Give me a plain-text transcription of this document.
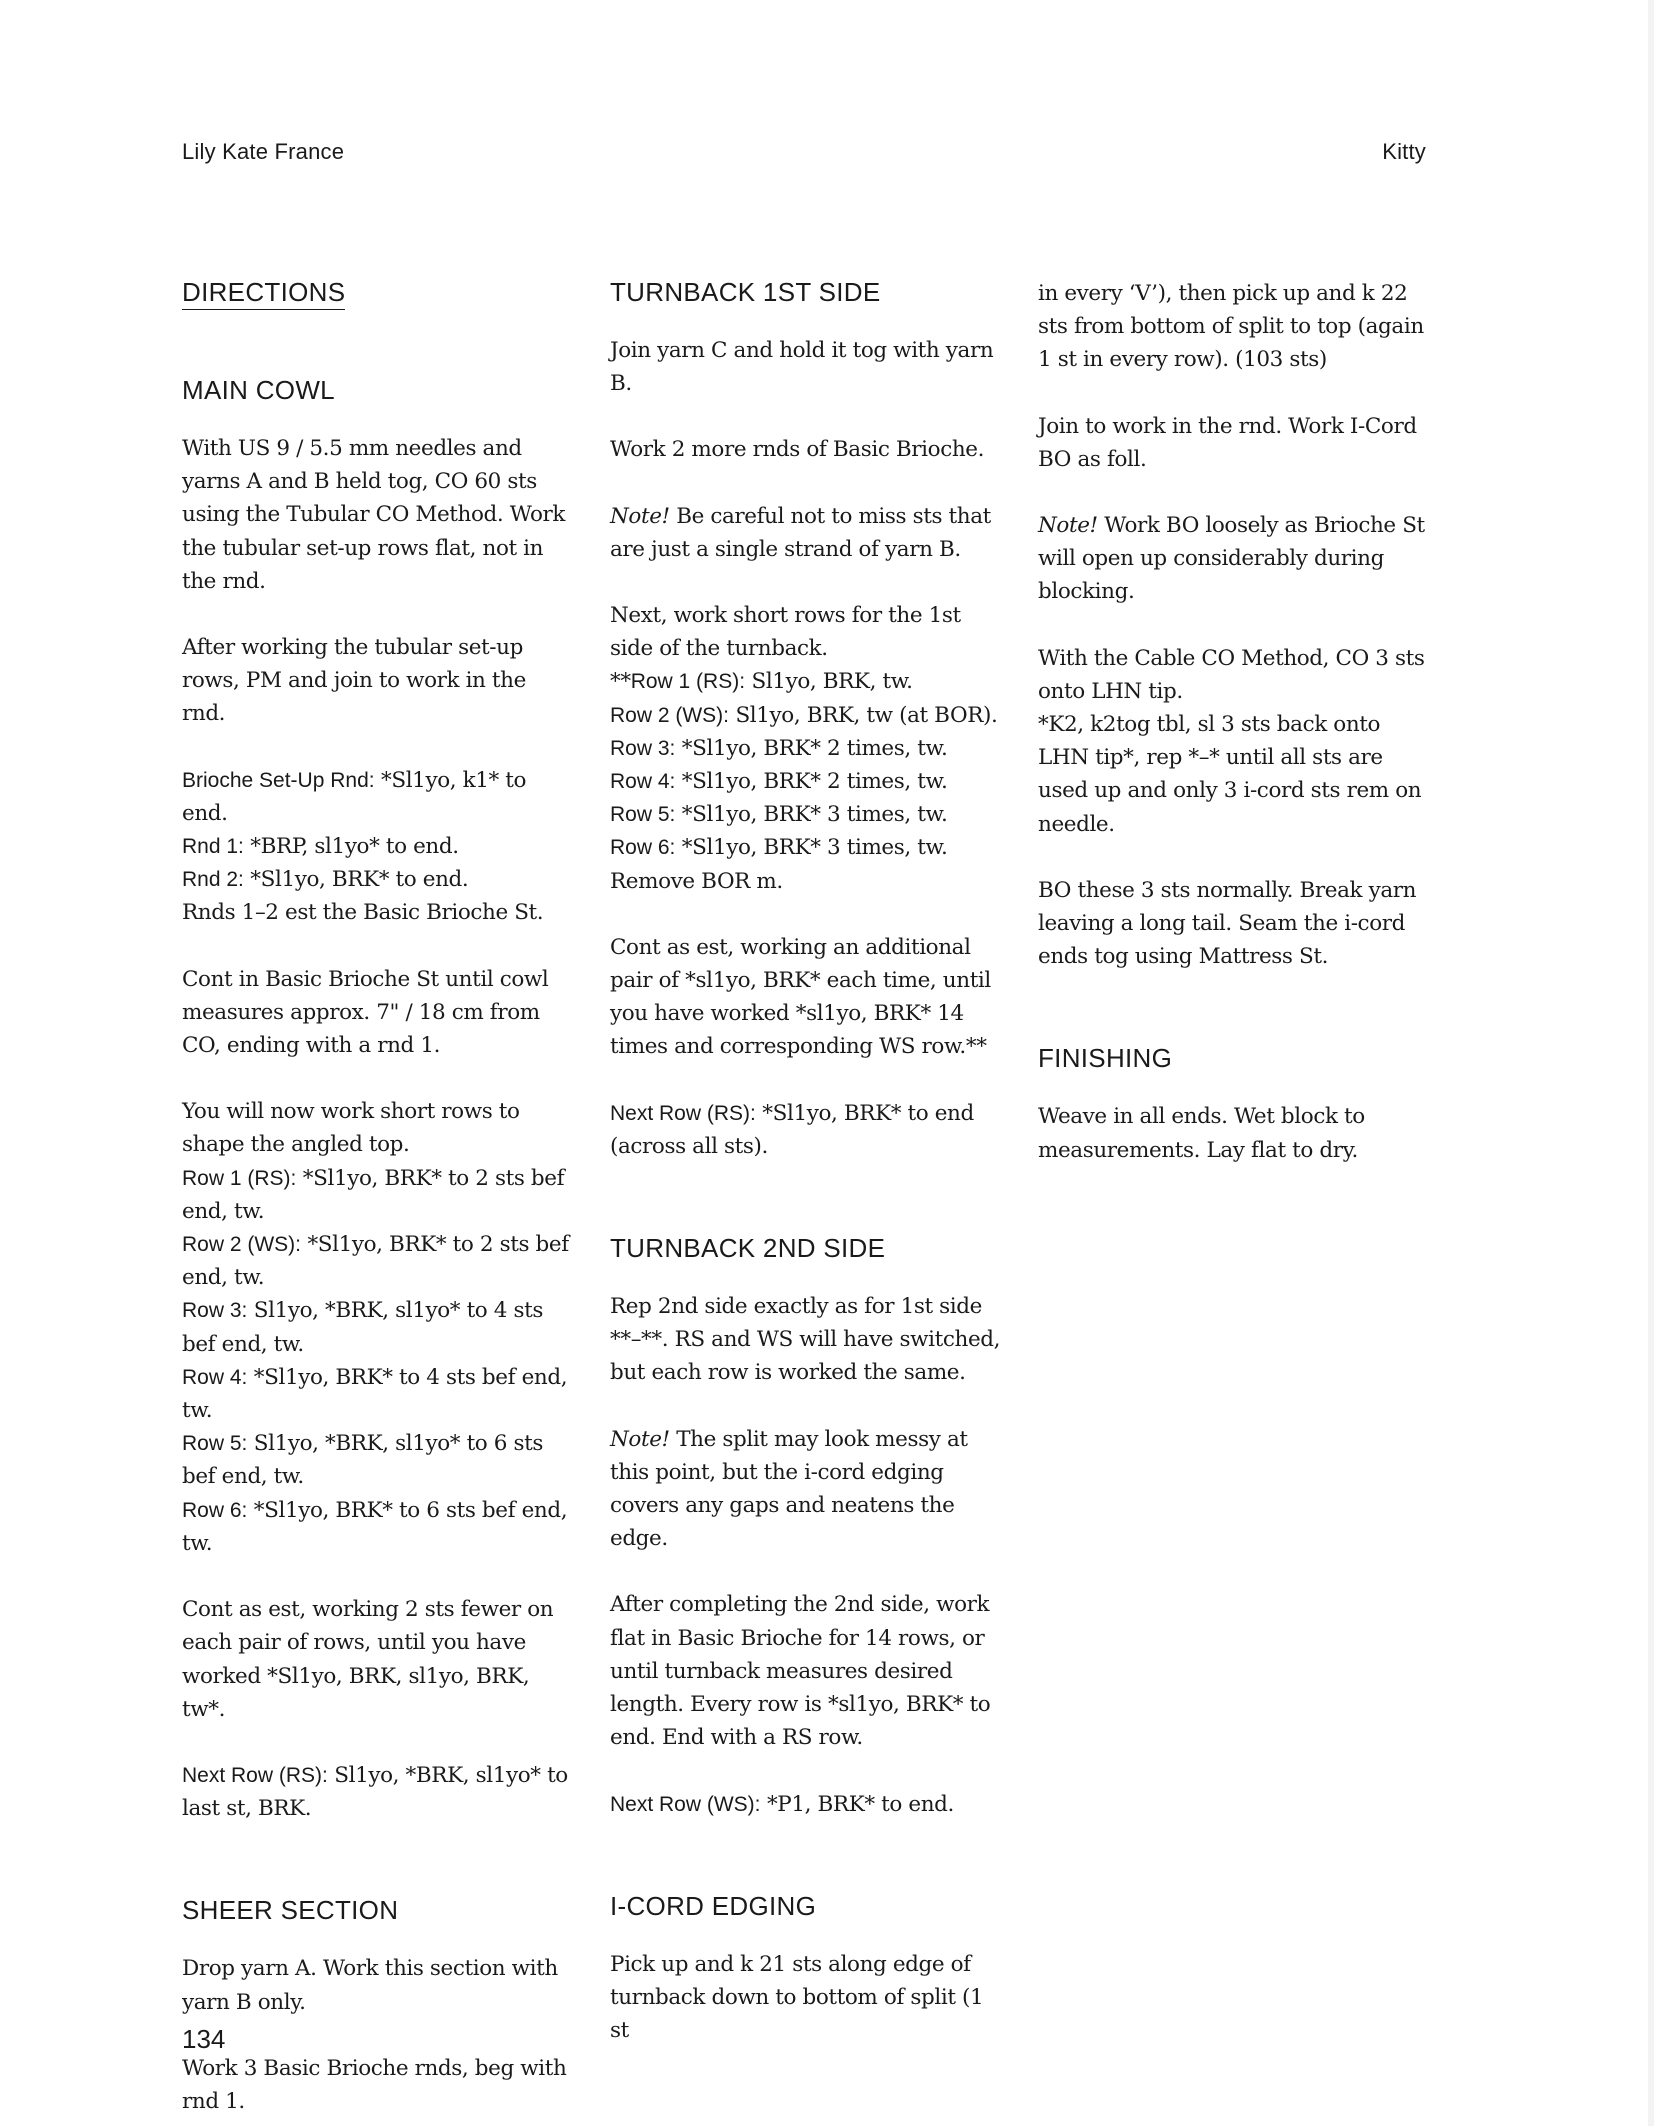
Lily Kate France	Kitty
DIRECTIONS
MAIN COWL

With US 9 / 5.5 mm needles and yarns A and B held tog, CO 60 sts using the Tubular CO Method. Work the tubular set-up rows flat, not in the rnd.

After working the tubular set-up rows, PM and join to work in the rnd.

Brioche Set-Up Rnd: *Sl1yo, k1* to end.
Rnd 1: *BRP, sl1yo* to end.
Rnd 2: *Sl1yo, BRK* to end.
Rnds 1–2 est the Basic Brioche St.

Cont in Basic Brioche St until cowl measures approx. 7" / 18 cm from CO, ending with a rnd 1.

You will now work short rows to shape the angled top.
Row 1 (RS): *Sl1yo, BRK* to 2 sts bef end, tw.
Row 2 (WS): *Sl1yo, BRK* to 2 sts bef end, tw.
Row 3: Sl1yo, *BRK, sl1yo* to 4 sts bef end, tw.
Row 4: *Sl1yo, BRK* to 4 sts bef end, tw.
Row 5: Sl1yo, *BRK, sl1yo* to 6 sts bef end, tw.
Row 6: *Sl1yo, BRK* to 6 sts bef end, tw.

Cont as est, working 2 sts fewer on each pair of rows, until you have worked *Sl1yo, BRK, sl1yo, BRK, tw*.

Next Row (RS): Sl1yo, *BRK, sl1yo* to last st, BRK.

SHEER SECTION

Drop yarn A. Work this section with yarn B only.

Work 3 Basic Brioche rnds, beg with rnd 1.

TURNBACK 1ST SIDE

Join yarn C and hold it tog with yarn B.

Work 2 more rnds of Basic Brioche.

Note! Be careful not to miss sts that are just a single strand of yarn B.

Next, work short rows for the 1st side of the turnback.
**Row 1 (RS): Sl1yo, BRK, tw.
Row 2 (WS): Sl1yo, BRK, tw (at BOR).
Row 3: *Sl1yo, BRK* 2 times, tw.
Row 4: *Sl1yo, BRK* 2 times, tw.
Row 5: *Sl1yo, BRK* 3 times, tw.
Row 6: *Sl1yo, BRK* 3 times, tw. Remove BOR m.

Cont as est, working an additional pair of *sl1yo, BRK* each time, until you have worked *sl1yo, BRK* 14 times and corresponding WS row.**

Next Row (RS): *Sl1yo, BRK* to end (across all sts).

TURNBACK 2ND SIDE

Rep 2nd side exactly as for 1st side **–**. RS and WS will have switched, but each row is worked the same.

Note! The split may look messy at this point, but the i-cord edging covers any gaps and neatens the edge.

After completing the 2nd side, work flat in Basic Brioche for 14 rows, or until turnback measures desired length. Every row is *sl1yo, BRK* to end. End with a RS row.

Next Row (WS): *P1, BRK* to end.

I-CORD EDGING

Pick up and k 21 sts along edge of turnback down to bottom of split (1 st

in every ‘V’), then pick up and k 22 sts from bottom of split to top (again 1 st in every row). (103 sts)

Join to work in the rnd. Work I-Cord BO as foll.

Note! Work BO loosely as Brioche St will open up considerably during blocking.

With the Cable CO Method, CO 3 sts onto LHN tip.
*K2, k2tog tbl, sl 3 sts back onto LHN tip*, rep *–* until all sts are used up and only 3 i-cord sts rem on needle.

BO these 3 sts normally. Break yarn leaving a long tail. Seam the i-cord ends tog using Mattress St.

FINISHING

Weave in all ends. Wet block to measurements. Lay flat to dry.

134
